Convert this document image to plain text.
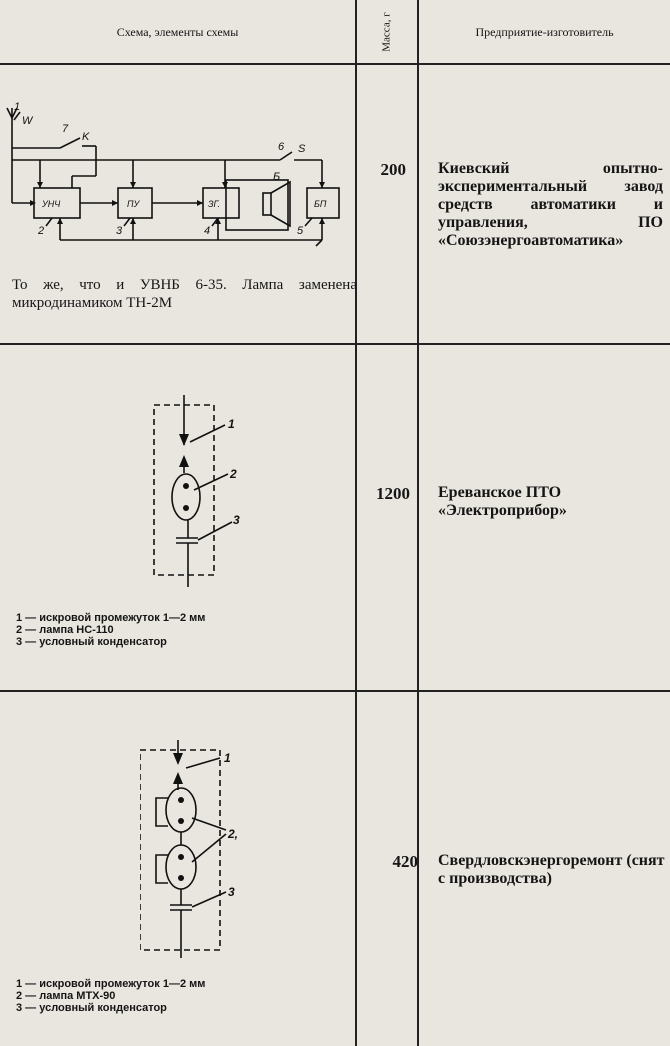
Схема, элементы схемы	Масса, г	Предприятие-изготовитель
УНЧ	ПУ	ЗГ.	БП
W
1
7
K
6 S
Б
2	3	4	5
То же, что и УВНБ 6-35. Лампа заменена микродинамиком ТН-2М
200 Киевский опытно-экспериментальный завод средств автоматики и управления, ПО «Союзэнергоавтоматика»
1
2
3
1 — искровой промежуток 1—2 мм
2 — лампа НС-110
3 — условный конденсатор
1200 Ереванское ПТО «Электроприбор»
1
2,
3
1 — искровой промежуток 1—2 мм
2 — лампа МТХ-90
3 — условный конденсатор
420 Свердловскэнергоремонт (снят с производства)
